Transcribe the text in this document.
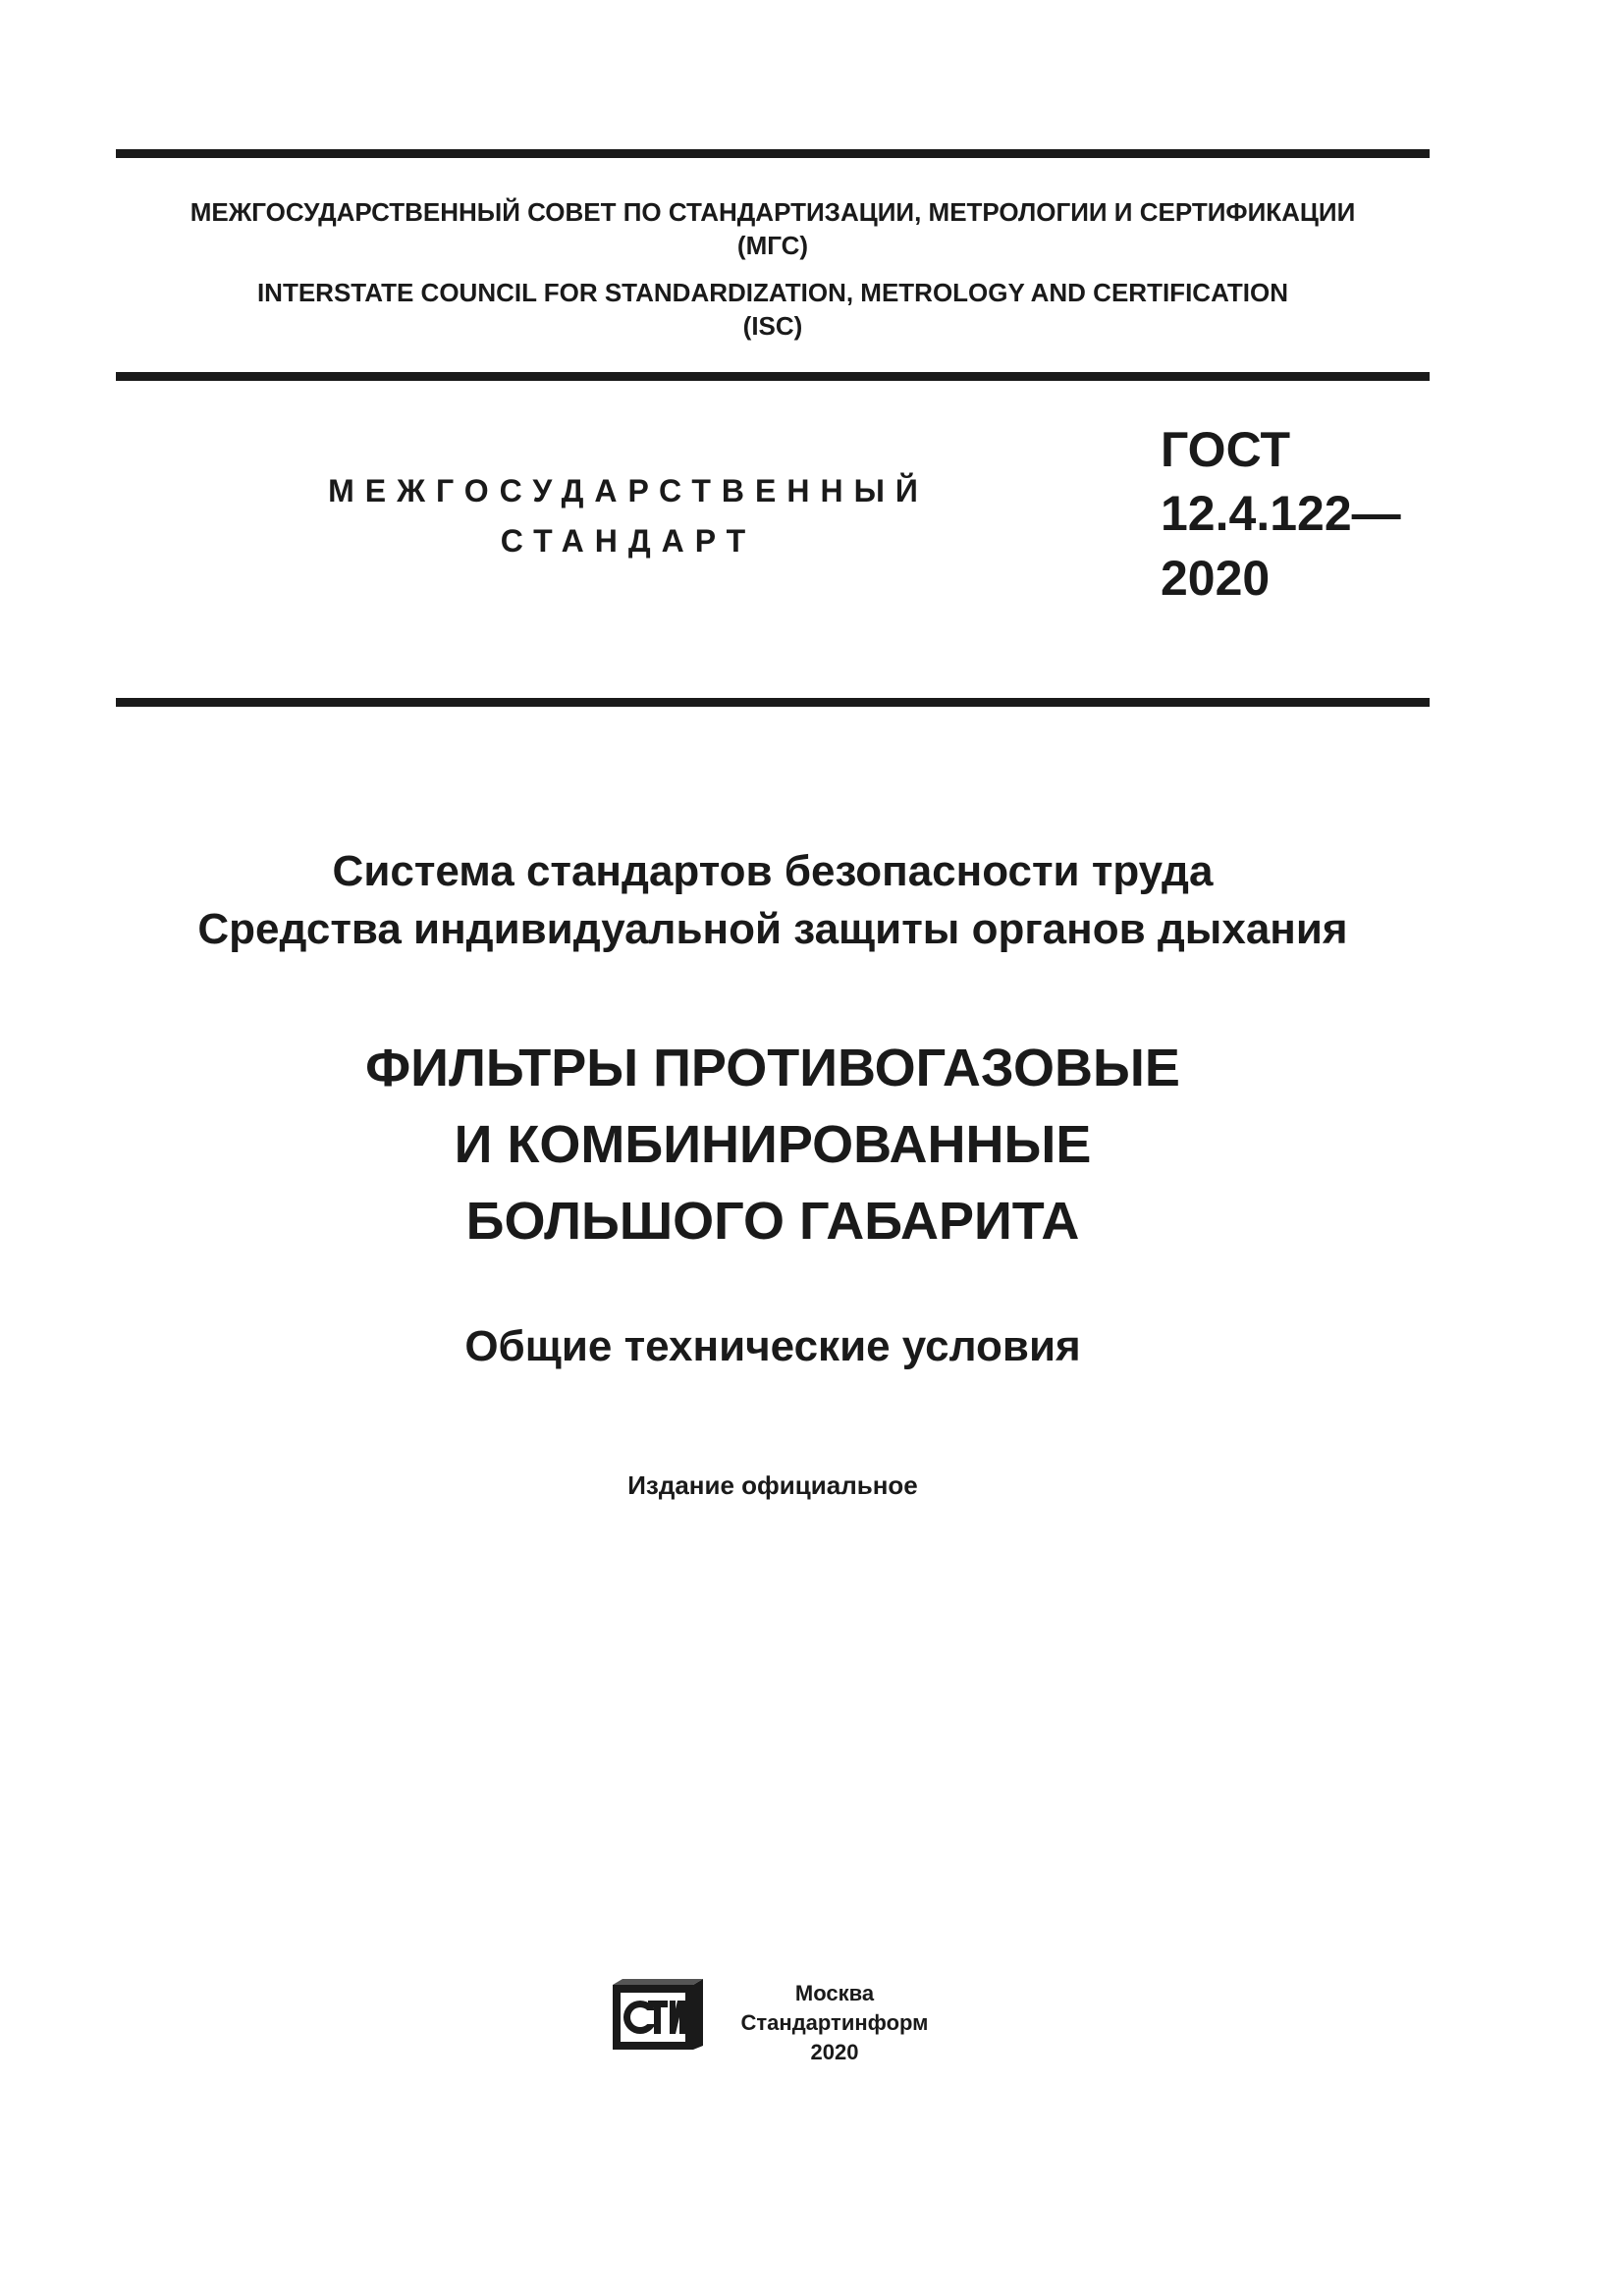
МЕЖГОСУДАРСТВЕННЫЙ СОВЕТ ПО СТАНДАРТИЗАЦИИ, МЕТРОЛОГИИ И СЕРТИФИКАЦИИ
(МГС)
INTERSTATE COUNCIL FOR STANDARDIZATION, METROLOGY AND CERTIFICATION
(ISC)
МЕЖГОСУДАРСТВЕННЫЙ
СТАНДАРТ
ГОСТ
12.4.122—
2020
Система стандартов безопасности труда
Средства индивидуальной защиты органов дыхания
ФИЛЬТРЫ ПРОТИВОГАЗОВЫЕ
И КОМБИНИРОВАННЫЕ
БОЛЬШОГО ГАБАРИТА
Общие технические условия
Издание официальное
Москва
Стандартинформ
2020
